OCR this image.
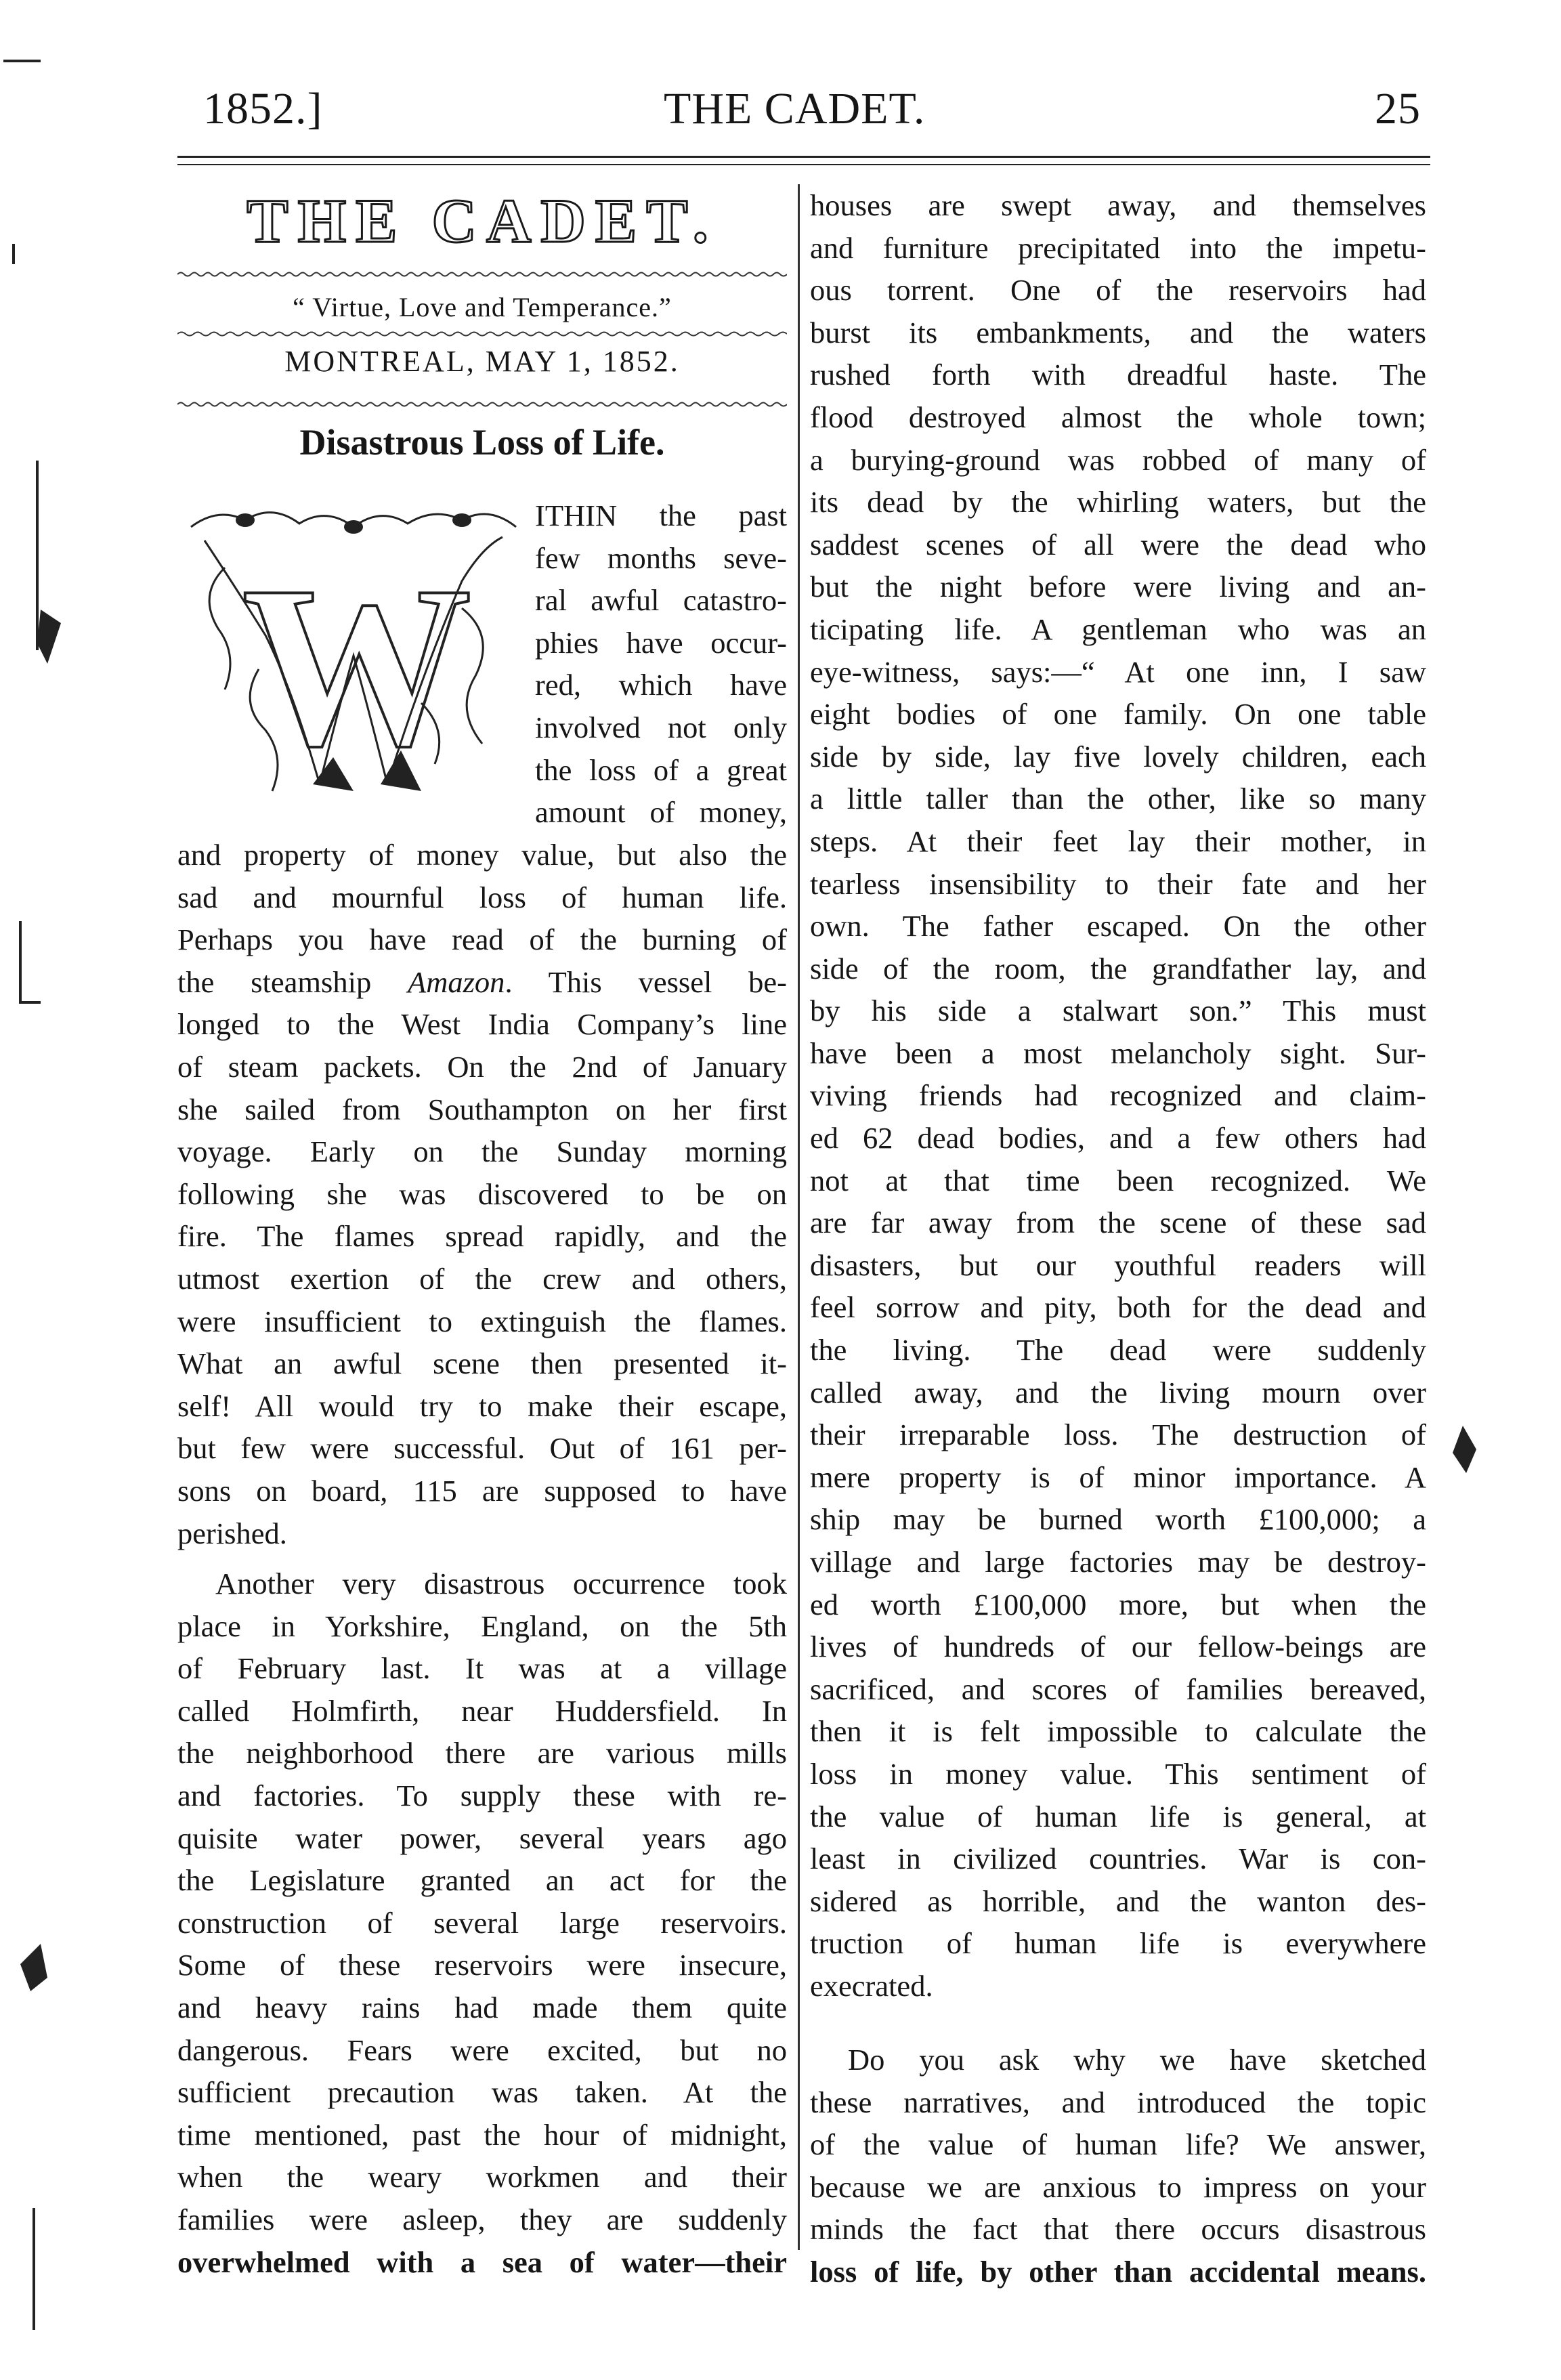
1852.]	THE CADET.	25
THE CADET.
“ Virtue, Love and Temperance.”
MONTREAL, MAY 1, 1852.
Disastrous Loss of Life.
W
ITHIN the past
few months seve-
ral awful catastro-
phies have occur-
red, which have
involved not only
the loss of a great
amount of money,
and property of money value, but also the
sad and mournful loss of human life.
Perhaps you have read of the burning of
the steamship Amazon. This vessel be-
longed to the West India Company’s line
of steam packets. On the 2nd of January
she sailed from Southampton on her first
voyage. Early on the Sunday morning
following she was discovered to be on
fire. The flames spread rapidly, and the
utmost exertion of the crew and others,
were insufficient to extinguish the flames.
What an awful scene then presented it-
self! All would try to make their escape,
but few were successful. Out of 161 per-
sons on board, 115 are supposed to have
perished.
Another very disastrous occurrence took
place in Yorkshire, England, on the 5th
of February last. It was at a village
called Holmfirth, near Huddersfield. In
the neighborhood there are various mills
and factories. To supply these with re-
quisite water power, several years ago
the Legislature granted an act for the
construction of several large reservoirs.
Some of these reservoirs were insecure,
and heavy rains had made them quite
dangerous. Fears were excited, but no
sufficient precaution was taken. At the
time mentioned, past the hour of midnight,
when the weary workmen and their
families were asleep, they are suddenly
overwhelmed with a sea of water—their
houses are swept away, and themselves
and furniture precipitated into the impetu-
ous torrent. One of the reservoirs had
burst its embankments, and the waters
rushed forth with dreadful haste. The
flood destroyed almost the whole town;
a burying-ground was robbed of many of
its dead by the whirling waters, but the
saddest scenes of all were the dead who
but the night before were living and an-
ticipating life. A gentleman who was an
eye-witness, says:—“ At one inn, I saw
eight bodies of one family. On one table
side by side, lay five lovely children, each
a little taller than the other, like so many
steps. At their feet lay their mother, in
tearless insensibility to their fate and her
own. The father escaped. On the other
side of the room, the grandfather lay, and
by his side a stalwart son.” This must
have been a most melancholy sight. Sur-
viving friends had recognized and claim-
ed 62 dead bodies, and a few others had
not at that time been recognized. We
are far away from the scene of these sad
disasters, but our youthful readers will
feel sorrow and pity, both for the dead and
the living. The dead were suddenly
called away, and the living mourn over
their irreparable loss. The destruction of
mere property is of minor importance. A
ship may be burned worth £100,000; a
village and large factories may be destroy-
ed worth £100,000 more, but when the
lives of hundreds of our fellow-beings are
sacrificed, and scores of families bereaved,
then it is felt impossible to calculate the
loss in money value. This sentiment of
the value of human life is general, at
least in civilized countries. War is con-
sidered as horrible, and the wanton des-
truction of human life is everywhere
execrated.
Do you ask why we have sketched
these narratives, and introduced the topic
of the value of human life? We answer,
because we are anxious to impress on your
minds the fact that there occurs disastrous
loss of life, by other than accidental means.
